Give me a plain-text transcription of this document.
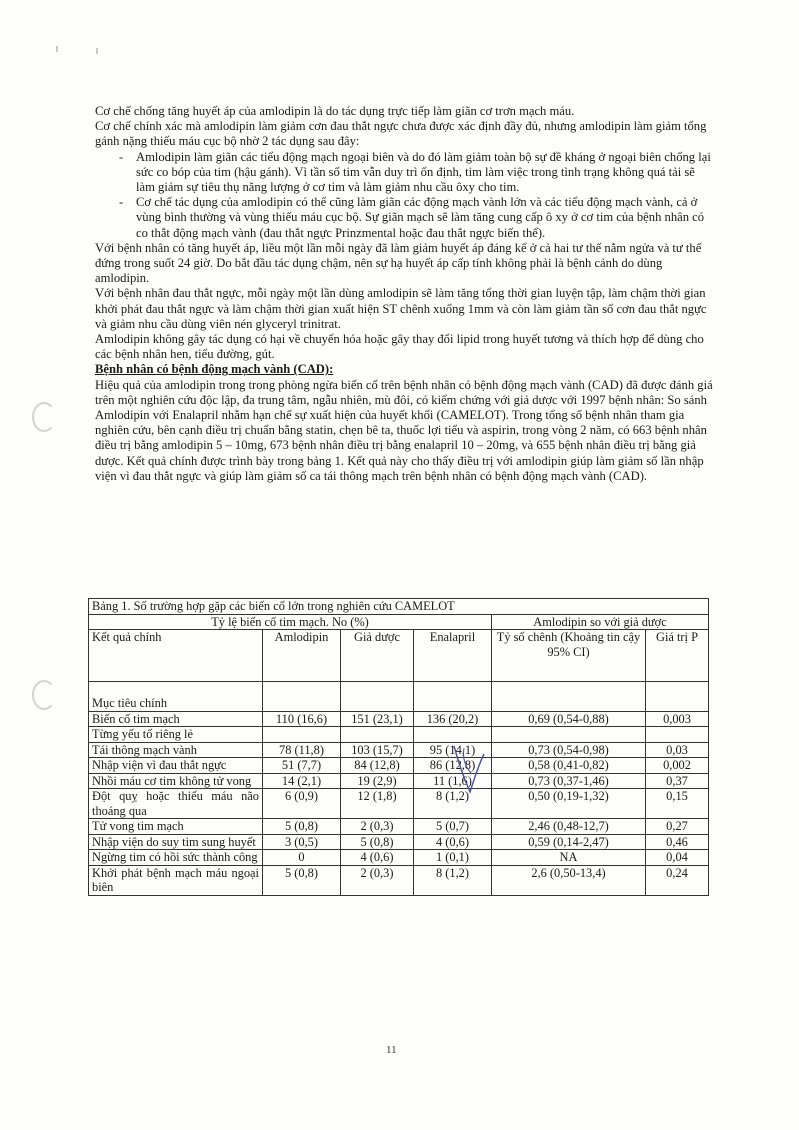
Cơ chế chống tăng huyết áp của amlodipin là do tác dụng trực tiếp làm giãn cơ trơn mạch máu.

Cơ chế chính xác mà amlodipin làm giảm cơn đau thắt ngực chưa được xác định đầy đủ, nhưng amlodipin làm giảm tổng gánh nặng thiếu máu cục bộ nhờ 2 tác dụng sau đây:

- Amlodipin làm giãn các tiểu động mạch ngoại biên và do đó làm giảm toàn bộ sự đề kháng ở ngoại biên chống lại sức co bóp của tim (hậu gánh). Vì tần số tim vẫn duy trì ổn định, tim làm việc trong tình trạng không quá tải sẽ làm giảm sự tiêu thụ năng lượng ở cơ tim và làm giảm nhu cầu ôxy cho tim.
- Cơ chế tác dụng của amlodipin có thể cũng làm giãn các động mạch vành lớn và các tiểu động mạch vành, cả ở vùng bình thường và vùng thiếu máu cục bộ. Sự giãn mạch sẽ làm tăng cung cấp ô xy ở cơ tim của bệnh nhân có co thắt động mạch vành (đau thắt ngực Prinzmental hoặc đau thắt ngực biến thể).

Với bệnh nhân có tăng huyết áp, liều một lần mỗi ngày đã làm giảm huyết áp đáng kể ở cả hai tư thế nằm ngửa và tư thế đứng trong suốt 24 giờ. Do bắt đầu tác dụng chậm, nên sự hạ huyết áp cấp tính không phải là bệnh cảnh do dùng amlodipin.

Với bệnh nhân đau thắt ngực, mỗi ngày một lần dùng amlodipin sẽ làm tăng tổng thời gian luyện tập, làm chậm thời gian khởi phát đau thắt ngực và làm chậm thời gian xuất hiện ST chênh xuống 1mm và còn làm giảm tần số cơn đau thắt ngực và giảm nhu cầu dùng viên nén glyceryl trinitrat.

Amlodipin không gây tác dụng có hại về chuyển hóa hoặc gây thay đổi lipid trong huyết tương và thích hợp để dùng cho các bệnh nhân hen, tiểu đường, gút.

Bệnh nhân có bệnh động mạch vành (CAD):

Hiệu quả của amlodipin trong trong phòng ngừa biến cố trên bệnh nhân có bệnh động mạch vành (CAD) đã được đánh giá trên một nghiên cứu độc lập, đa trung tâm, ngẫu nhiên, mù đôi, có kiểm chứng với giả dược với 1997 bệnh nhân: So sánh Amlodipin với Enalapril nhằm hạn chế sự xuất hiện của huyết khối (CAMELOT). Trong tổng số bệnh nhân tham gia nghiên cứu, bên cạnh điều trị chuẩn bằng statin, chẹn bê ta, thuốc lợi tiểu và aspirin, trong vòng 2 năm, có 663 bệnh nhân điều trị bằng amlodipin 5 – 10mg, 673 bệnh nhân điều trị bằng enalapril 10 – 20mg, và 655 bệnh nhân điều trị bằng giả dược. Kết quả chính được trình bày trong bảng 1. Kết quả này cho thấy điều trị với amlodipin giúp làm giảm số lần nhập viện vì đau thắt ngực và giúp làm giảm số ca tái thông mạch trên bệnh nhân có bệnh động mạch vành (CAD).

Bảng 1. Số trường hợp gặp các biến cố lớn trong nghiên cứu CAMELOT					
Tỷ lệ biến cố tim mạch. No (%)				Amlodipin so với giả dược	
Kết quả chính	Amlodipin	Giả dược	Enalapril	Tỷ số chênh (Khoảng tin cậy 95% CI)	Giá trị P
Mục tiêu chính					
Biến cố tim mạch	110 (16,6)	151 (23,1)	136 (20,2)	0,69 (0,54-0,88)	0,003
Từng yếu tố riêng lẻ					
Tái thông mạch vành	78 (11,8)	103 (15,7)	95 (14,1)	0,73 (0,54-0,98)	0,03
Nhập viện vì đau thắt ngực	51 (7,7)	84 (12,8)	86 (12,8)	0,58 (0,41-0,82)	0,002
Nhồi máu cơ tim không tử vong	14 (2,1)	19 (2,9)	11 (1,6)	0,73 (0,37-1,46)	0,37
Đột quỵ hoặc thiếu máu não thoáng qua	6 (0,9)	12 (1,8)	8 (1,2)	0,50 (0,19-1,32)	0,15
Tử vong tim mạch	5 (0,8)	2 (0,3)	5 (0,7)	2,46 (0,48-12,7)	0,27
Nhập viện do suy tim sung huyết	3 (0,5)	5 (0,8)	4 (0,6)	0,59 (0,14-2,47)	0,46
Ngừng tim có hồi sức thành công	0	4 (0,6)	1 (0,1)	NA	0,04
Khởi phát bệnh mạch máu ngoại biên	5 (0,8)	2 (0,3)	8 (1,2)	2,6 (0,50-13,4)	0,24
11
